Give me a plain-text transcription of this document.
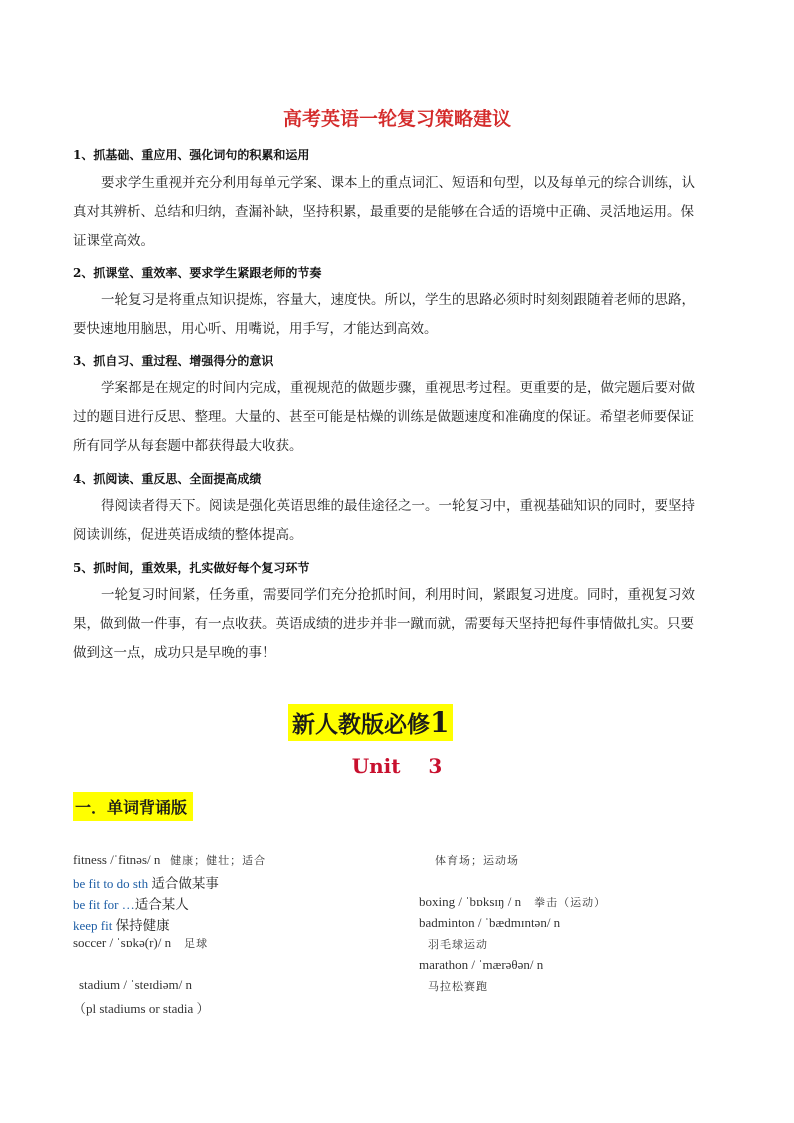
高考英语一轮复习策略建议
1、抓基础、重应用、强化词句的积累和运用
要求学生重视并充分利用每单元学案、课本上的重点词汇、短语和句型，以及每单元的综合训练，认
真对其辨析、总结和归纳，查漏补缺，坚持积累，最重要的是能够在合适的语境中正确、灵活地运用。保
证课堂高效。
2、抓课堂、重效率、要求学生紧跟老师的节奏
一轮复习是将重点知识提炼，容量大，速度快。所以，学生的思路必须时时刻刻跟随着老师的思路，
要快速地用脑思，用心听、用嘴说，用手写，才能达到高效。
3、抓自习、重过程、增强得分的意识
学案都是在规定的时间内完成，重视规范的做题步骤，重视思考过程。更重要的是，做完题后要对做
过的题目进行反思、整理。大量的、甚至可能是枯燥的训练是做题速度和准确度的保证。希望老师要保证
所有同学从每套题中都获得最大收获。
4、抓阅读、重反思、全面提高成绩
得阅读者得天下。阅读是强化英语思维的最佳途径之一。一轮复习中，重视基础知识的同时，要坚持
阅读训练，促进英语成绩的整体提高。
5、抓时间，重效果，扎实做好每个复习环节
一轮复习时间紧，任务重，需要同学们充分抢抓时间，利用时间，紧跟复习进度。同时，重视复习效
果，做到做一件事，有一点收获。英语成绩的进步并非一蹴而就，需要每天坚持把每件事情做扎实。只要
做到这一点，成功只是早晚的事！
新人教版必修1
Unit 3
一．单词背诵版
fitness /ˈfitnəs/ n 健康；健壮；适合	体育场；运动场
be fit to do sth 适合做某事
be fit for …适合某人
keep fit 保持健康
soccer / ˈsɒkə(r)/ n 足球
boxing / ˈbɒksɪŋ / n 拳击（运动）
badminton / ˈbædmɪntən/ n
羽毛球运动
marathon / ˈmærəθən/ n
马拉松赛跑
stadium / ˈsteɪdiəm/ n
（pl stadiums or stadia ）
